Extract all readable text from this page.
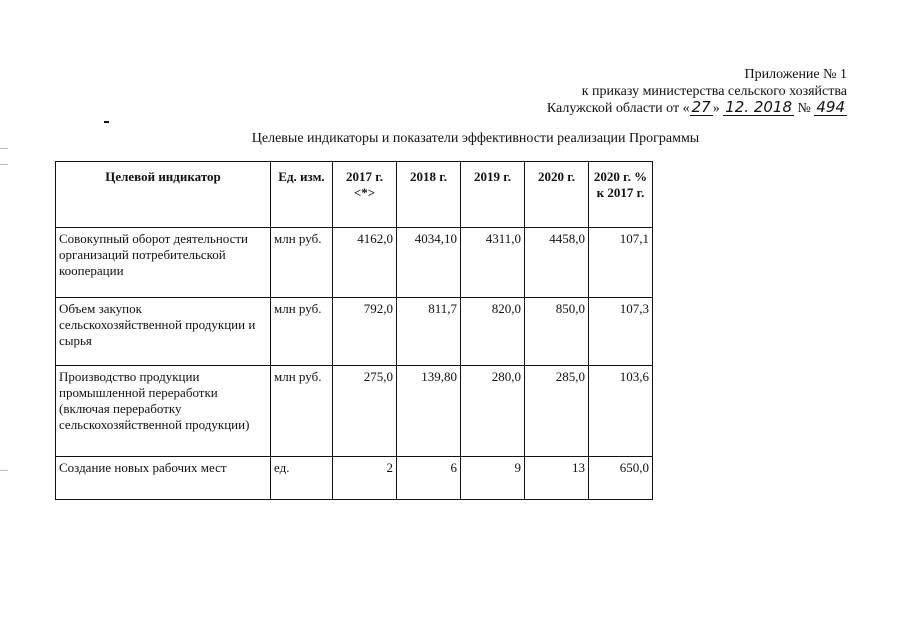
Приложение № 1
к приказу министерства сельского хозяйства
Калужской области от « 27 » 12. 2018 № 494
Целевые индикаторы и показатели эффективности реализации Программы
Целевой индикатор	Ед. изм.	2017 г. <*>	2018 г.	2019 г.	2020 г.	2020 г. % к 2017 г.
Совокупный оборот деятельности организаций потребительской кооперации	млн руб.	4162,0	4034,10	4311,0	4458,0	107,1
Объем закупок сельскохозяйственной продукции и сырья	млн руб.	792,0	811,7	820,0	850,0	107,3
Производство продукции промышленной переработки (включая переработку сельскохозяйственной продукции)	млн руб.	275,0	139,80	280,0	285,0	103,6
Создание новых рабочих мест	ед.	2	6	9	13	650,0
